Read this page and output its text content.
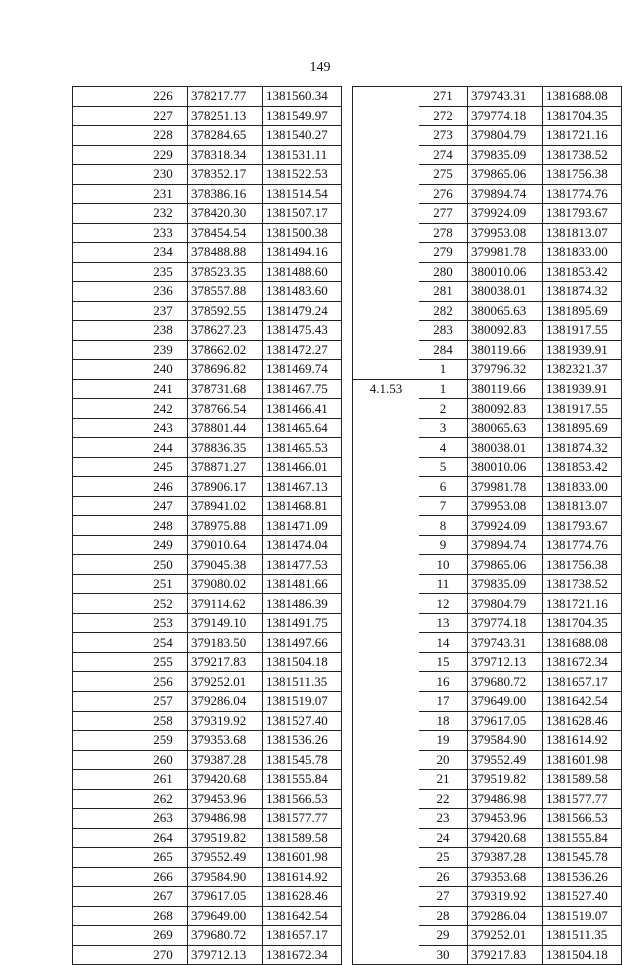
149
	226	378217.77	1381560.34			271	379743.31	1381688.08
	227	378251.13	1381549.97			272	379774.18	1381704.35
	228	378284.65	1381540.27			273	379804.79	1381721.16
	229	378318.34	1381531.11			274	379835.09	1381738.52
	230	378352.17	1381522.53			275	379865.06	1381756.38
	231	378386.16	1381514.54			276	379894.74	1381774.76
	232	378420.30	1381507.17			277	379924.09	1381793.67
	233	378454.54	1381500.38			278	379953.08	1381813.07
	234	378488.88	1381494.16			279	379981.78	1381833.00
	235	378523.35	1381488.60			280	380010.06	1381853.42
	236	378557.88	1381483.60			281	380038.01	1381874.32
	237	378592.55	1381479.24			282	380065.63	1381895.69
	238	378627.23	1381475.43			283	380092.83	1381917.55
	239	378662.02	1381472.27			284	380119.66	1381939.91
	240	378696.82	1381469.74			1	379796.32	1382321.37
	241	378731.68	1381467.75		4.1.53	1	380119.66	1381939.91
	242	378766.54	1381466.41			2	380092.83	1381917.55
	243	378801.44	1381465.64			3	380065.63	1381895.69
	244	378836.35	1381465.53			4	380038.01	1381874.32
	245	378871.27	1381466.01			5	380010.06	1381853.42
	246	378906.17	1381467.13			6	379981.78	1381833.00
	247	378941.02	1381468.81			7	379953.08	1381813.07
	248	378975.88	1381471.09			8	379924.09	1381793.67
	249	379010.64	1381474.04			9	379894.74	1381774.76
	250	379045.38	1381477.53			10	379865.06	1381756.38
	251	379080.02	1381481.66			11	379835.09	1381738.52
	252	379114.62	1381486.39			12	379804.79	1381721.16
	253	379149.10	1381491.75			13	379774.18	1381704.35
	254	379183.50	1381497.66			14	379743.31	1381688.08
	255	379217.83	1381504.18			15	379712.13	1381672.34
	256	379252.01	1381511.35			16	379680.72	1381657.17
	257	379286.04	1381519.07			17	379649.00	1381642.54
	258	379319.92	1381527.40			18	379617.05	1381628.46
	259	379353.68	1381536.26			19	379584.90	1381614.92
	260	379387.28	1381545.78			20	379552.49	1381601.98
	261	379420.68	1381555.84			21	379519.82	1381589.58
	262	379453.96	1381566.53			22	379486.98	1381577.77
	263	379486.98	1381577.77			23	379453.96	1381566.53
	264	379519.82	1381589.58			24	379420.68	1381555.84
	265	379552.49	1381601.98			25	379387.28	1381545.78
	266	379584.90	1381614.92			26	379353.68	1381536.26
	267	379617.05	1381628.46			27	379319.92	1381527.40
	268	379649.00	1381642.54			28	379286.04	1381519.07
	269	379680.72	1381657.17			29	379252.01	1381511.35
	270	379712.13	1381672.34			30	379217.83	1381504.18
